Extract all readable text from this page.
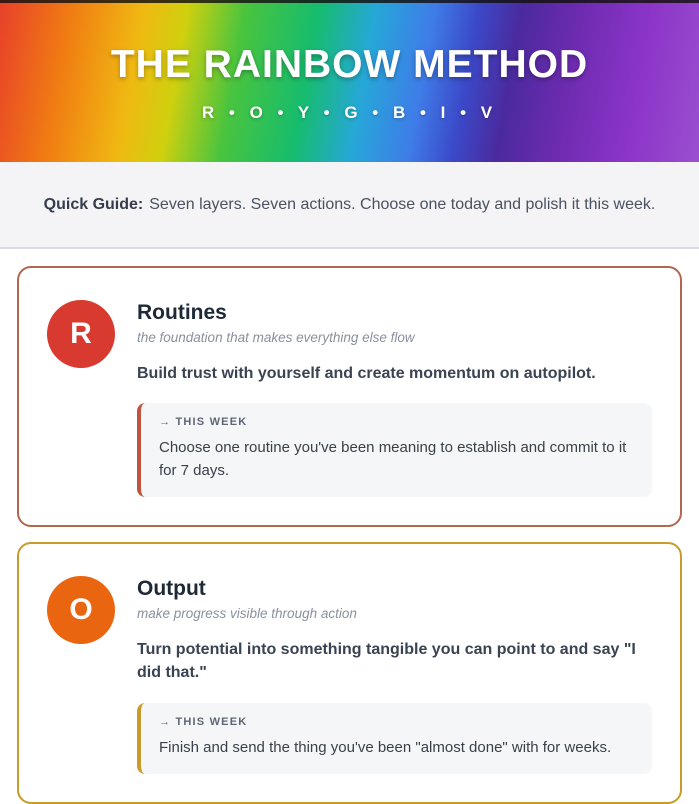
THE RAINBOW METHOD
R • O • Y • G • B • I • V

Quick Guide: Seven layers. Seven actions. Choose one today and polish it this week.

R
Routines

the foundation that makes everything else flow

Build trust with yourself and create momentum on autopilot.

→ THIS WEEK
Choose one routine you've been meaning to establish and commit to it for 7 days.
O
Output

make progress visible through action

Turn potential into something tangible you can point to and say "I did that."

→ THIS WEEK
Finish and send the thing you've been "almost done" with for weeks.
